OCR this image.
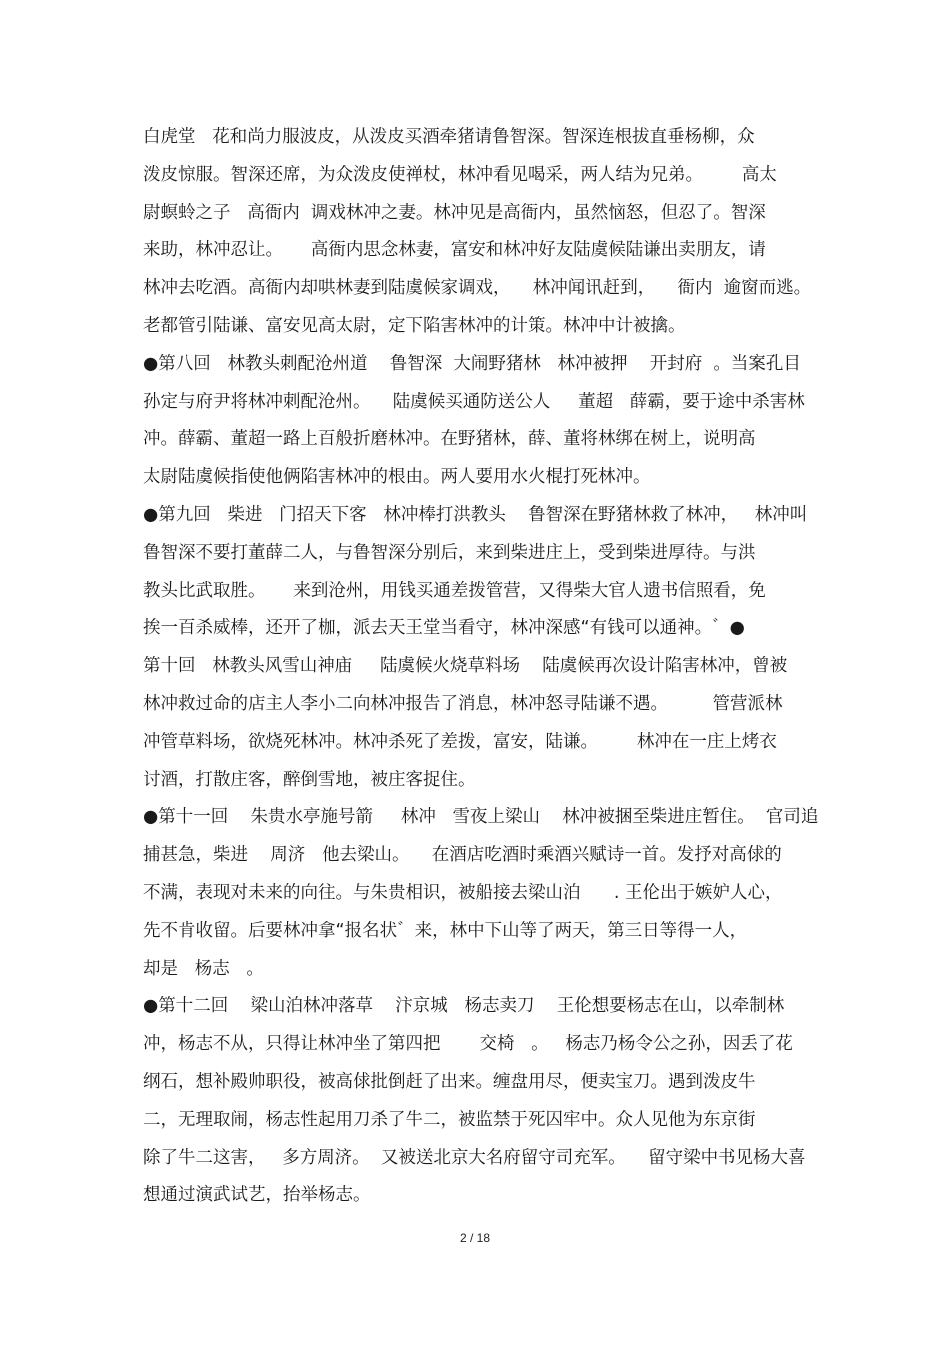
白虎堂   花和尚力服波皮，从泼皮买酒牵猪请鲁智深。智深连根拔直垂杨柳，众
泼皮惊服。智深还席，为众泼皮使禅杖，林冲看见喝采，两人结为兄弟。       高太
尉螟蛉之子   高衙内  调戏林冲之妻。林冲见是高衙内，虽然恼怒，但忍了。智深
来助，林冲忍让。     高衙内思念林妻，富安和林冲好友陆虞候陆谦出卖朋友，请
林冲去吃酒。高衙内却哄林妻到陆虞候家调戏，    林冲闻讯赶到，    衙内  逾窗而逃。
老都管引陆谦、富安见高太尉，定下陷害林冲的计策。林冲中计被擒。
●第八回   林教头刺配沧州道    鲁智深  大闹野猪林   林冲被押    开封府  。当案孔目
孙定与府尹将林冲刺配沧州。    陆虞候买通防送公人     董超   薛霸，要于途中杀害林
冲。薛霸、董超一路上百般折磨林冲。在野猪林，薛、董将林绑在树上，说明高
太尉陆虞候指使他俩陷害林冲的根由。两人要用水火棍打死林冲。
●第九回   柴进   门招天下客   林冲棒打洪教头    鲁智深在野猪林救了林冲，   林冲叫
鲁智深不要打董薛二人，与鲁智深分别后，来到柴进庄上，受到柴进厚待。与洪
教头比武取胜。     来到沧州，用钱买通差拨管营，又得柴大官人遗书信照看，免
挨一百杀威棒，还开了枷，派去天王堂当看守，林冲深感“有钱可以通神。゛●
第十回   林教头风雪山神庙     陆虞候火烧草料场    陆虞候再次设计陷害林冲，曾被
林冲救过命的店主人李小二向林冲报告了消息，林冲怒寻陆谦不遇。        管营派林
冲管草料场，欲烧死林冲。林冲杀死了差拨，富安，陆谦。       林冲在一庄上烤衣
讨酒，打散庄客，醉倒雪地，被庄客捉住。
●第十一回    朱贵水亭施号箭     林冲   雪夜上梁山    林冲被捆至柴进庄暂住。  官司追
捕甚急，柴进    周济   他去梁山。    在酒店吃酒时乘酒兴赋诗一首。发抒对高俅的
不满，表现对未来的向往。与朱贵相识，被船接去梁山泊      . 王伦出于嫉妒人心，
先不肯收留。后要林冲拿“报名状゛来，林中下山等了两天，第三日等得一人，
却是   杨志   。
●第十二回    梁山泊林冲落草    汴京城   杨志卖刀    王伦想要杨志在山，以牵制林
冲，杨志不从，只得让林冲坐了第四把       交椅   。   杨志乃杨令公之孙，因丢了花
纲石，想补殿帅职役，被高俅批倒赶了出来。缠盘用尽，便卖宝刀。遇到泼皮牛
二，无理取闹，杨志性起用刀杀了牛二，被监禁于死囚牢中。众人见他为东京街
除了牛二这害，   多方周济。  又被送北京大名府留守司充军。    留守梁中书见杨大喜
想通过演武试艺，抬举杨志。
2 / 18
